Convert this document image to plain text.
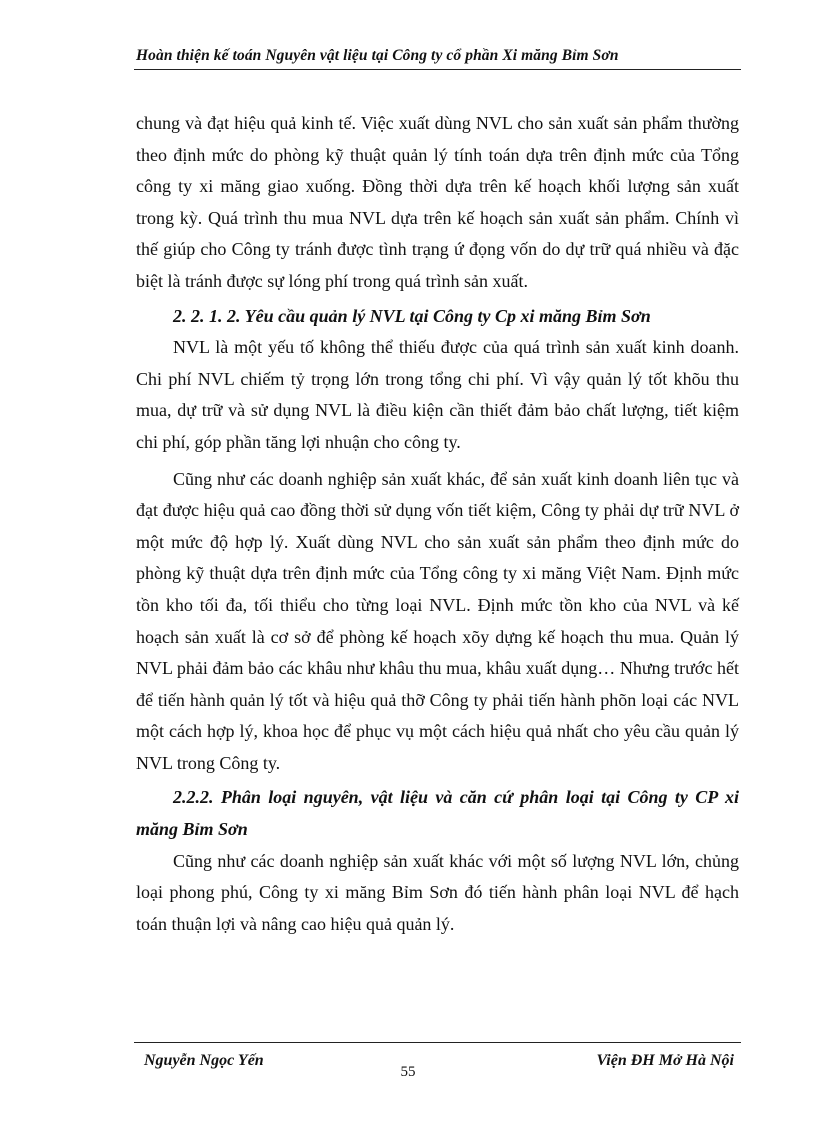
Hoàn thiện kế toán Nguyên vật liệu tại Công ty cổ phần Xi măng Bỉm Sơn

chung và đạt hiệu quả kinh tế. Việc xuất dùng NVL cho sản xuất sản phẩm thường theo định mức do phòng kỹ thuật quản lý tính toán dựa trên định mức của Tổng công ty xi măng giao xuống. Đồng thời dựa trên kế hoạch khối lượng sản xuất trong kỳ. Quá trình thu mua NVL dựa trên kế hoạch sản xuất sản phẩm. Chính vì thế giúp cho Công ty tránh được tình trạng ứ đọng vốn do dự trữ quá nhiều và đặc biệt là tránh được sự lóng phí trong quá trình sản xuất.

2. 2. 1. 2. Yêu cầu quản lý NVL tại Công ty Cp xi măng Bỉm Sơn

NVL là một yếu tố không thể thiếu được của quá trình sản xuất kinh doanh. Chi phí NVL chiếm tỷ trọng lớn trong tổng chi phí. Vì vậy quản lý tốt khõu thu mua, dự trữ và sử dụng NVL là điều kiện cần thiết đảm bảo chất lượng, tiết kiệm chi phí, góp phần tăng lợi nhuận cho công ty.

Cũng như các doanh nghiệp sản xuất khác, để sản xuất kinh doanh liên tục và đạt được hiệu quả cao đồng thời sử dụng vốn tiết kiệm, Công ty phải dự trữ NVL ở một mức độ hợp lý. Xuất dùng NVL cho sản xuất sản phẩm theo định mức do phòng kỹ thuật dựa trên định mức của Tổng công ty xi măng Việt Nam. Định mức tồn kho tối đa, tối thiểu cho từng loại NVL. Định mức tồn kho của NVL và kế hoạch sản xuất là cơ sở để phòng kế hoạch xõy dựng kế hoạch thu mua. Quản lý NVL phải đảm bảo các khâu như khâu thu mua, khâu xuất dụng… Nhưng trước hết để tiến hành quản lý tốt và hiệu quả thỡ Công ty phải tiến hành phõn loại các NVL một cách hợp lý, khoa học để phục vụ một cách hiệu quả nhất cho yêu cầu quản lý NVL trong Công ty.

2.2.2. Phân loại nguyên, vật liệu và căn cứ phân loại tại Công ty CP xi măng Bỉm Sơn

Cũng như các doanh nghiệp sản xuất khác với một số lượng NVL lớn, chủng loại phong phú, Công ty xi măng Bỉm Sơn đó tiến hành phân loại NVL để hạch toán thuận lợi và nâng cao hiệu quả quản lý.

Nguyễn Ngọc Yến	Viện ĐH Mở Hà Nội
55
